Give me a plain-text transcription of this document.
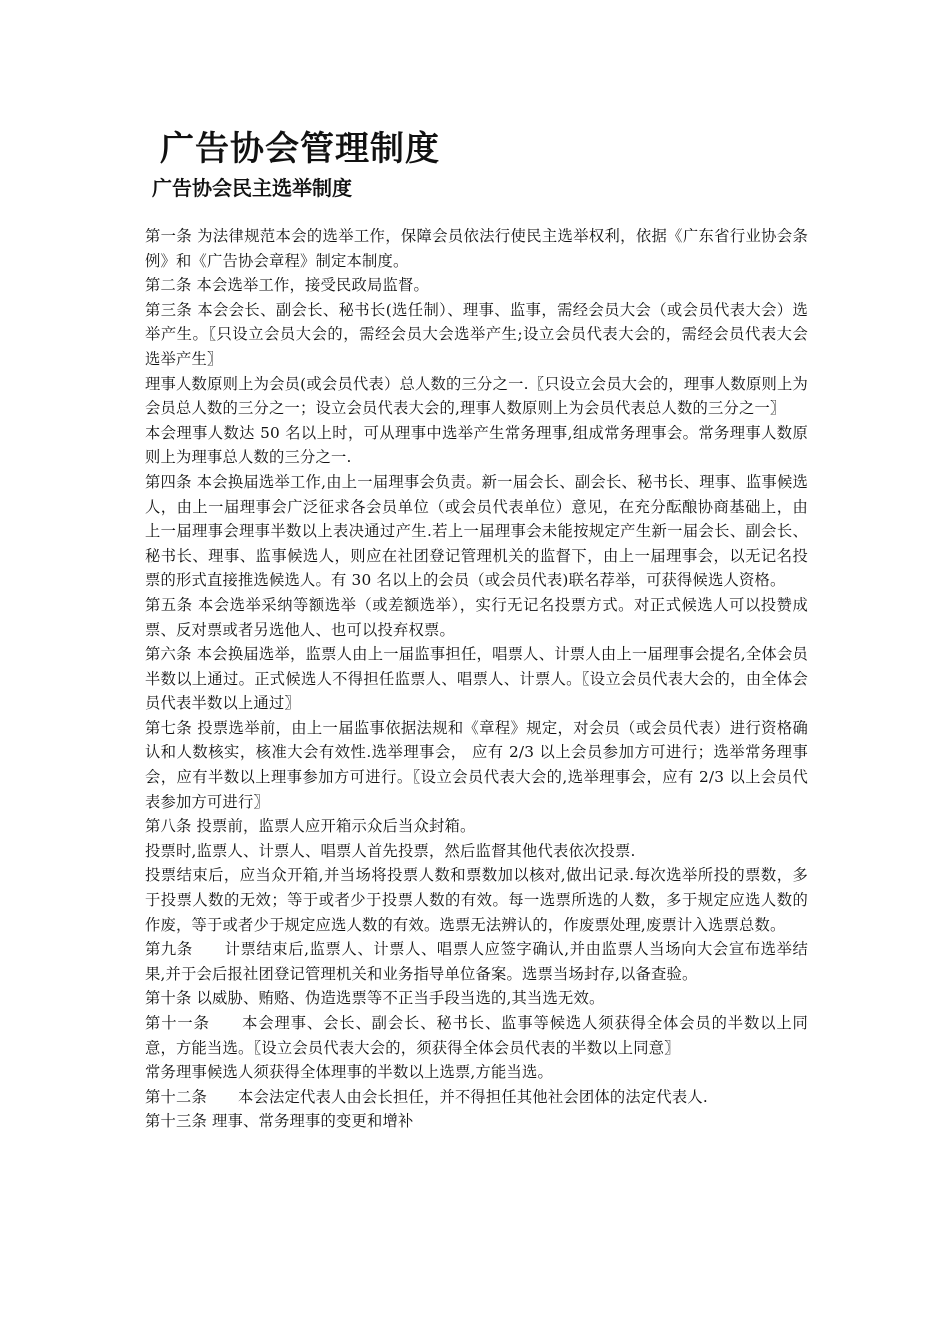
广告协会管理制度
广告协会民主选举制度

第一条 为法律规范本会的选举工作，保障会员依法行使民主选举权利，依据《广东省行业协会条例》和《广告协会章程》制定本制度。

第二条 本会选举工作，接受民政局监督。

第三条 本会会长、副会长、秘书长(选任制）、理事、监事，需经会员大会（或会员代表大会）选举产生。〖只设立会员大会的，需经会员大会选举产生;设立会员代表大会的，需经会员代表大会选举产生〗

理事人数原则上为会员(或会员代表）总人数的三分之一.〖只设立会员大会的，理事人数原则上为会员总人数的三分之一；设立会员代表大会的,理事人数原则上为会员代表总人数的三分之一〗

本会理事人数达 50 名以上时，可从理事中选举产生常务理事,组成常务理事会。常务理事人数原则上为理事总人数的三分之一.

第四条 本会换届选举工作,由上一届理事会负责。新一届会长、副会长、秘书长、理事、监事候选人，由上一届理事会广泛征求各会员单位（或会员代表单位）意见，在充分酝酿协商基础上，由上一届理事会理事半数以上表决通过产生.若上一届理事会未能按规定产生新一届会长、副会长、秘书长、理事、监事候选人，则应在社团登记管理机关的监督下，由上一届理事会，以无记名投票的形式直接推选候选人。有 30 名以上的会员（或会员代表)联名荐举，可获得候选人资格。

第五条 本会选举采纳等额选举（或差额选举），实行无记名投票方式。对正式候选人可以投赞成票、反对票或者另选他人、也可以投弃权票。

第六条 本会换届选举，监票人由上一届监事担任，唱票人、计票人由上一届理事会提名,全体会员半数以上通过。正式候选人不得担任监票人、唱票人、计票人。〖设立会员代表大会的，由全体会员代表半数以上通过〗

第七条 投票选举前，由上一届监事依据法规和《章程》规定，对会员（或会员代表）进行资格确认和人数核实，核准大会有效性.选举理事会， 应有 2/3 以上会员参加方可进行；选举常务理事会，应有半数以上理事参加方可进行。〖设立会员代表大会的,选举理事会，应有 2/3 以上会员代表参加方可进行〗

第八条 投票前，监票人应开箱示众后当众封箱。

投票时,监票人、计票人、唱票人首先投票，然后监督其他代表依次投票.

投票结束后，应当众开箱,并当场将投票人数和票数加以核对,做出记录.每次选举所投的票数，多于投票人数的无效；等于或者少于投票人数的有效。每一选票所选的人数，多于规定应选人数的作废，等于或者少于规定应选人数的有效。选票无法辨认的，作废票处理,废票计入选票总数。

第九条　　计票结束后,监票人、计票人、唱票人应签字确认,并由监票人当场向大会宣布选举结果,并于会后报社团登记管理机关和业务指导单位备案。选票当场封存,以备查验。

第十条 以威胁、贿赂、伪造选票等不正当手段当选的,其当选无效。

第十一条　　本会理事、会长、副会长、秘书长、监事等候选人须获得全体会员的半数以上同意，方能当选。〖设立会员代表大会的，须获得全体会员代表的半数以上同意〗

常务理事候选人须获得全体理事的半数以上选票,方能当选。

第十二条　　本会法定代表人由会长担任，并不得担任其他社会团体的法定代表人.

第十三条 理事、常务理事的变更和增补
